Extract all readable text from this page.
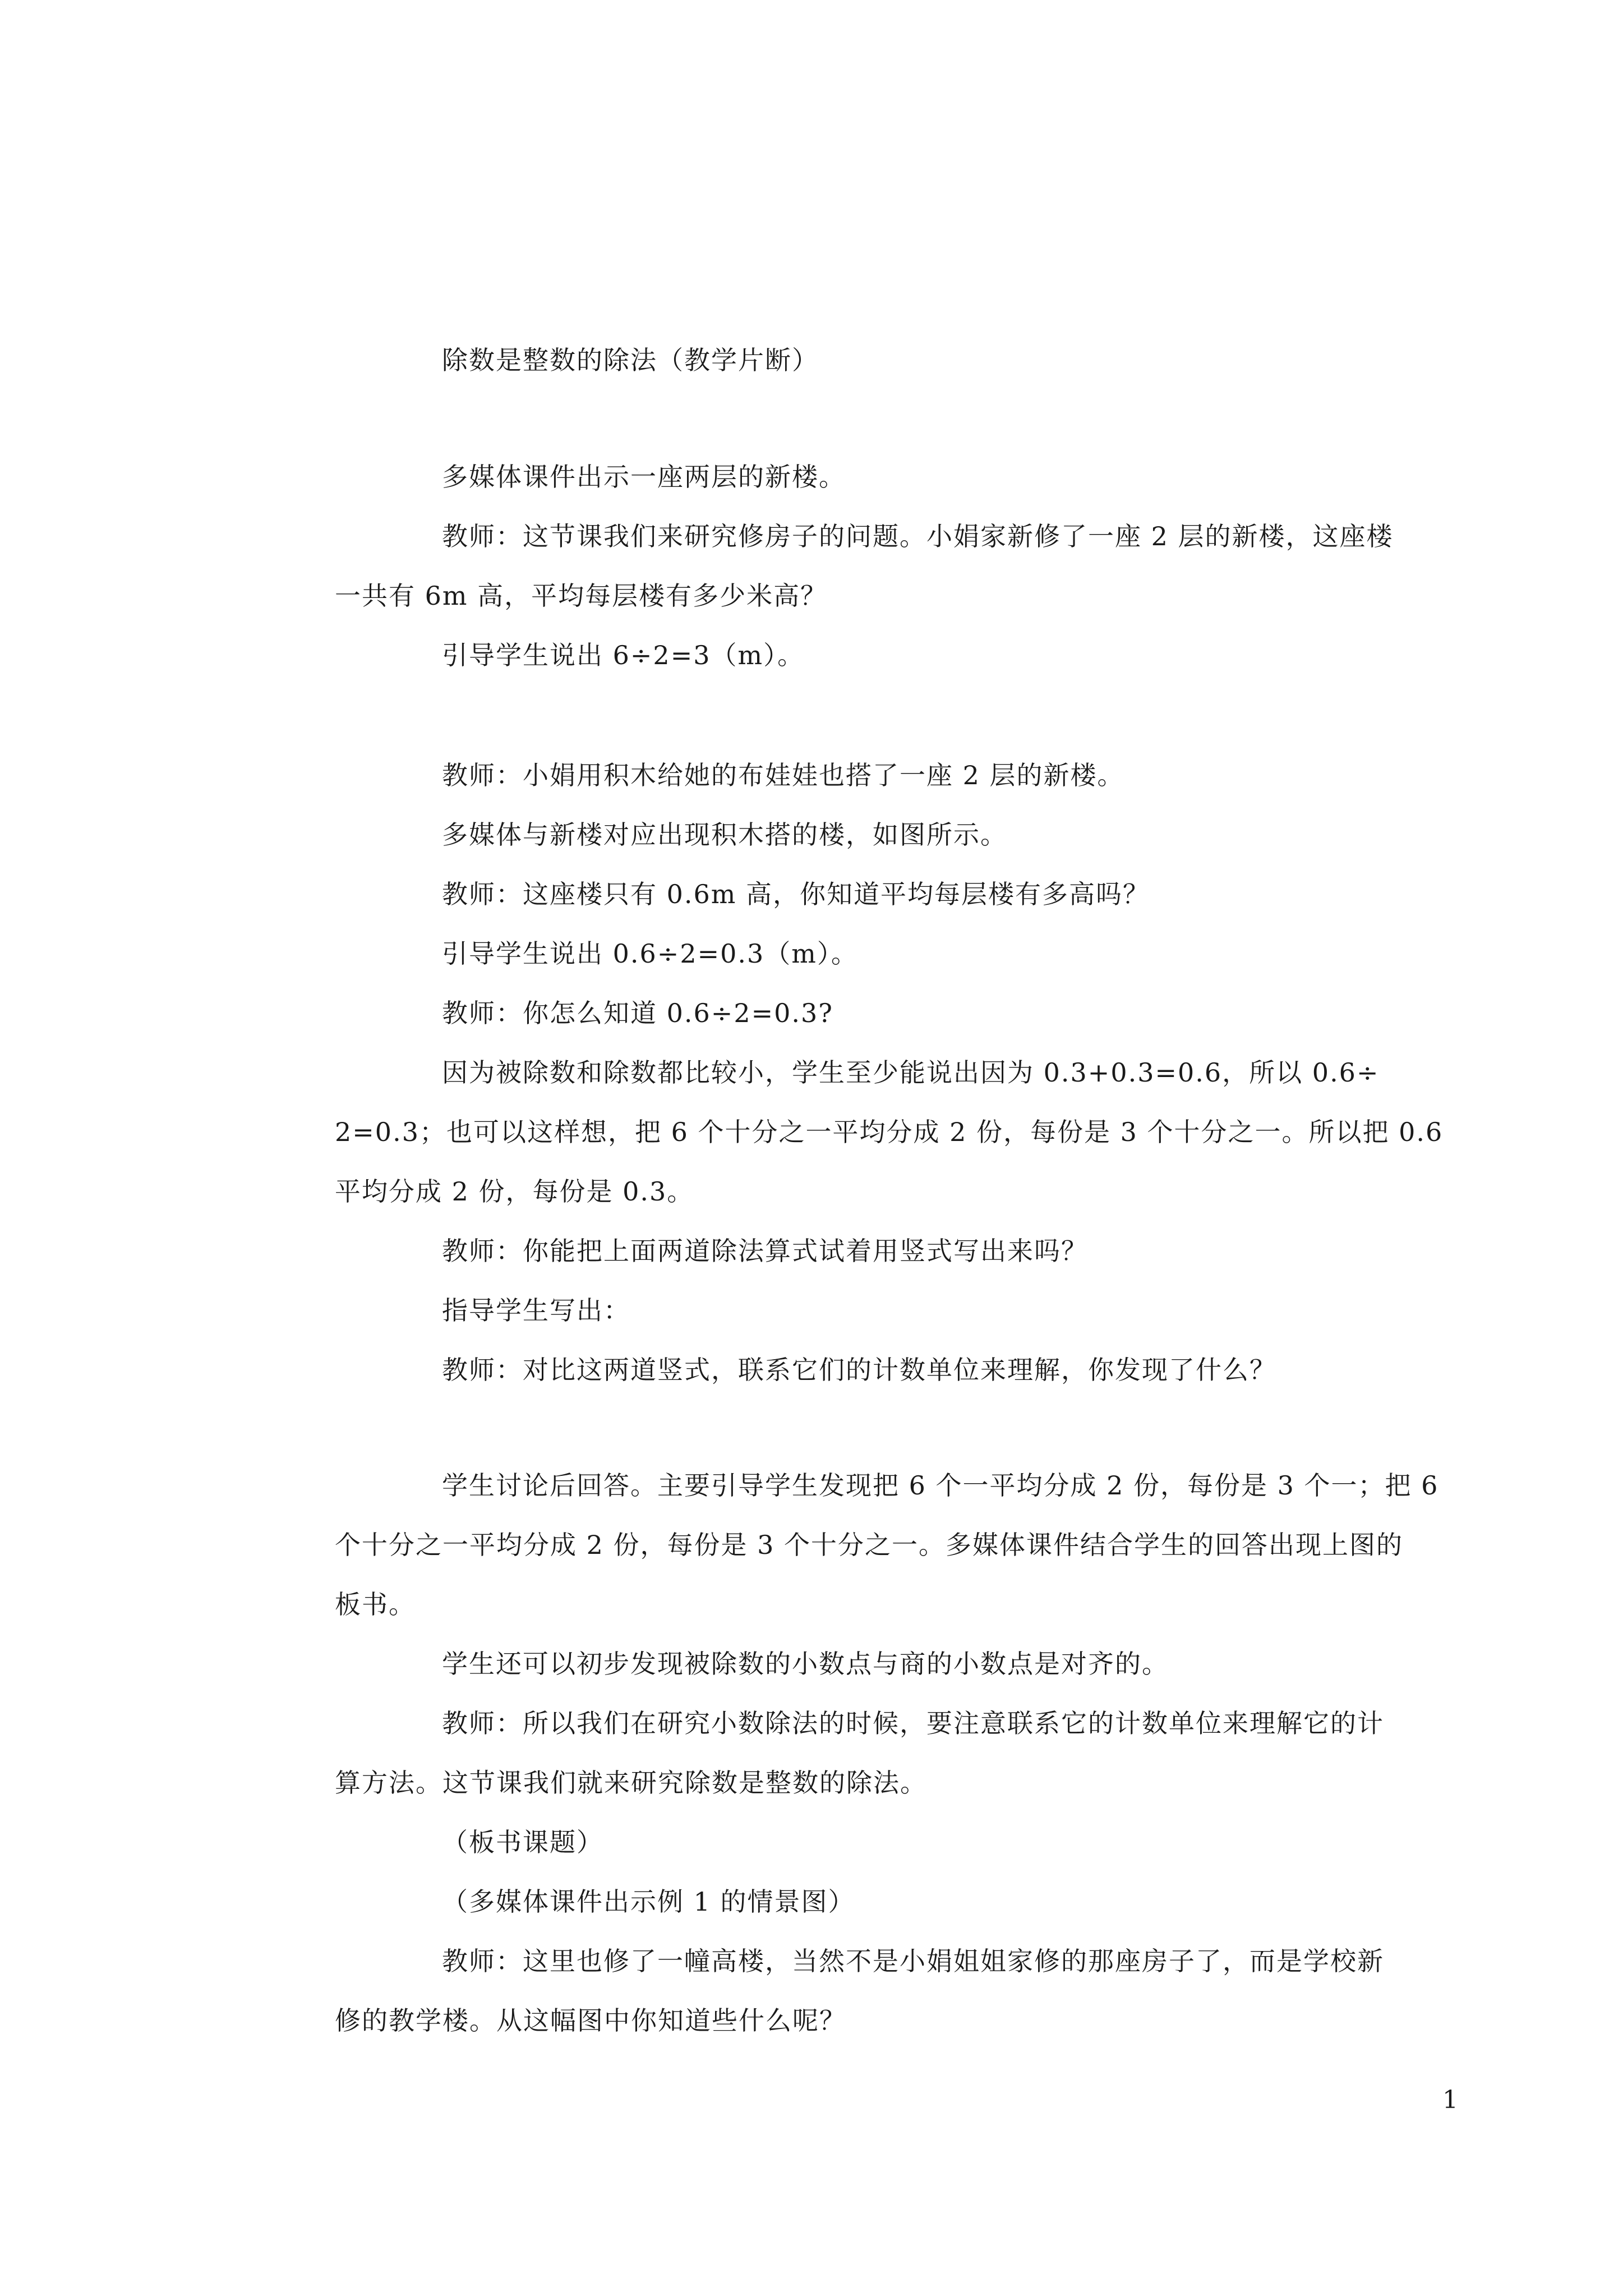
除数是整数的除法（教学片断）

多媒体课件出示一座两层的新楼。

教师：这节课我们来研究修房子的问题。小娟家新修了一座 2 层的新楼，这座楼

一共有 6m 高，平均每层楼有多少米高？

引导学生说出 6÷2=3（m）。

教师：小娟用积木给她的布娃娃也搭了一座 2 层的新楼。

多媒体与新楼对应出现积木搭的楼，如图所示。

教师：这座楼只有 0.6m 高，你知道平均每层楼有多高吗？

引导学生说出 0.6÷2=0.3（m）。

教师：你怎么知道 0.6÷2=0.3?

因为被除数和除数都比较小，学生至少能说出因为 0.3+0.3=0.6，所以 0.6÷

2=0.3；也可以这样想，把 6 个十分之一平均分成 2 份，每份是 3 个十分之一。所以把 0.6

平均分成 2 份，每份是 0.3。

教师：你能把上面两道除法算式试着用竖式写出来吗？

指导学生写出：

教师：对比这两道竖式，联系它们的计数单位来理解，你发现了什么？

学生讨论后回答。主要引导学生发现把 6 个一平均分成 2 份，每份是 3 个一；把 6

个十分之一平均分成 2 份，每份是 3 个十分之一。多媒体课件结合学生的回答出现上图的

板书。

学生还可以初步发现被除数的小数点与商的小数点是对齐的。

教师：所以我们在研究小数除法的时候，要注意联系它的计数单位来理解它的计

算方法。这节课我们就来研究除数是整数的除法。

（板书课题）

（多媒体课件出示例 1 的情景图）

教师：这里也修了一幢高楼，当然不是小娟姐姐家修的那座房子了，而是学校新

修的教学楼。从这幅图中你知道些什么呢？

1
